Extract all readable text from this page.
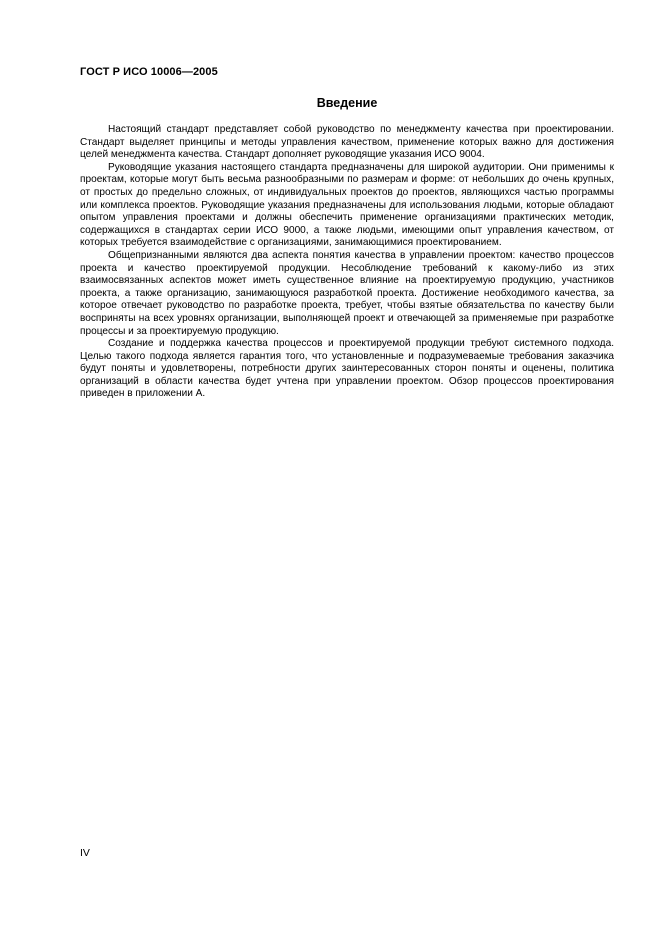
ГОСТ Р ИСО 10006—2005
Введение

Настоящий стандарт представляет собой руководство по менеджменту качества при проектировании. Стандарт выделяет принципы и методы управления качеством, применение которых важно для достижения целей менеджмента качества. Стандарт дополняет руководящие указания ИСО 9004.

Руководящие указания настоящего стандарта предназначены для широкой аудитории. Они применимы к проектам, которые могут быть весьма разнообразными по размерам и форме: от небольших до очень крупных, от простых до предельно сложных, от индивидуальных проектов до проектов, являющихся частью программы или комплекса проектов. Руководящие указания предназначены для использования людьми, которые обладают опытом управления проектами и должны обеспечить применение организациями практических методик, содержащихся в стандартах серии ИСО 9000, а также людьми, имеющими опыт управления качеством, от которых требуется взаимодействие с организациями, занимающимися проектированием.

Общепризнанными являются два аспекта понятия качества в управлении проектом: качество процессов проекта и качество проектируемой продукции. Несоблюдение требований к какому-либо из этих взаимосвязанных аспектов может иметь существенное влияние на проектируемую продукцию, участников проекта, а также организацию, занимающуюся разработкой проекта. Достижение необходимого качества, за которое отвечает руководство по разработке проекта, требует, чтобы взятые обязательства по качеству были восприняты на всех уровнях организации, выполняющей проект и отвечающей за применяемые при разработке процессы и за проектируемую продукцию.

Создание и поддержка качества процессов и проектируемой продукции требуют системного подхода. Целью такого подхода является гарантия того, что установленные и подразумеваемые требования заказчика будут поняты и удовлетворены, потребности других заинтересованных сторон поняты и оценены, политика организаций в области качества будет учтена при управлении проектом. Обзор процессов проектирования приведен в приложении А.

IV
